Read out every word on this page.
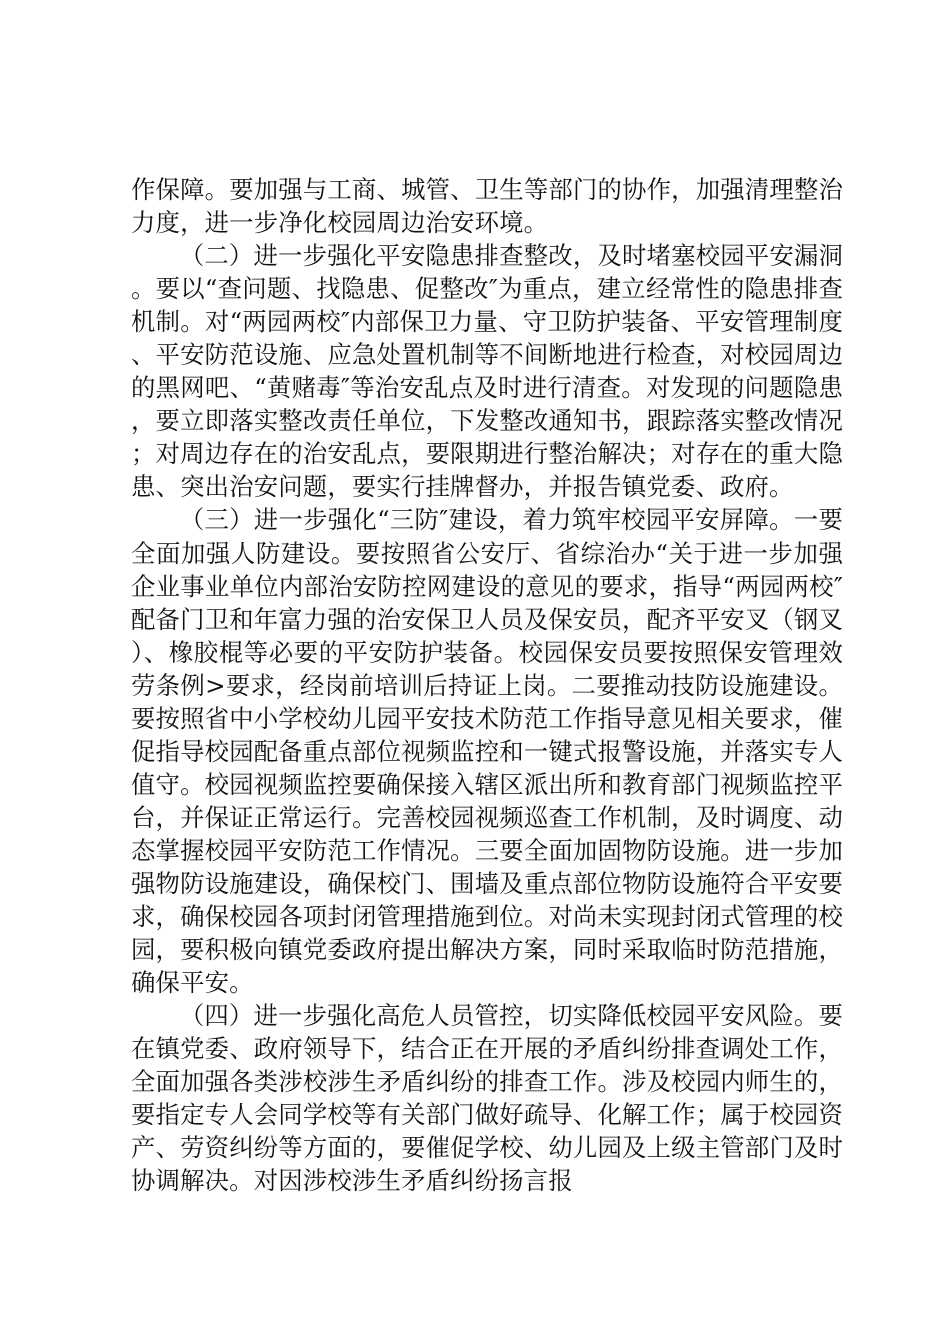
作保障。要加强与工商、城管、卫生等部门的协作，加强清理整治力度，进一步净化校园周边治安环境。

（二）进一步强化平安隐患排查整改，及时堵塞校园平安漏洞。要以“查问题、找隐患、促整改″为重点，建立经常性的隐患排查机制。对“两园两校″内部保卫力量、守卫防护装备、平安管理制度、平安防范设施、应急处置机制等不间断地进行检查，对校园周边的黑网吧、“黄赌毒″等治安乱点及时进行清查。对发现的问题隐患，要立即落实整改责任单位，下发整改通知书，跟踪落实整改情况；对周边存在的治安乱点，要限期进行整治解决；对存在的重大隐患、突出治安问题，要实行挂牌督办，并报告镇党委、政府。

（三）进一步强化“三防″建设，着力筑牢校园平安屏障。一要全面加强人防建设。要按照省公安厅、省综治办“关于进一步加强企业事业单位内部治安防控网建设的意见的要求，指导“两园两校″配备门卫和年富力强的治安保卫人员及保安员，配齐平安叉（钢叉）、橡胶棍等必要的平安防护装备。校园保安员要按照保安管理效劳条例>要求，经岗前培训后持证上岗。二要推动技防设施建设。要按照省中小学校幼儿园平安技术防范工作指导意见相关要求，催促指导校园配备重点部位视频监控和一键式报警设施，并落实专人值守。校园视频监控要确保接入辖区派出所和教育部门视频监控平台，并保证正常运行。完善校园视频巡查工作机制，及时调度、动态掌握校园平安防范工作情况。三要全面加固物防设施。进一步加强物防设施建设，确保校门、围墙及重点部位物防设施符合平安要求，确保校园各项封闭管理措施到位。对尚未实现封闭式管理的校园，要积极向镇党委政府提出解决方案，同时采取临时防范措施，确保平安。

（四）进一步强化高危人员管控，切实降低校园平安风险。要在镇党委、政府领导下，结合正在开展的矛盾纠纷排查调处工作，全面加强各类涉校涉生矛盾纠纷的排查工作。涉及校园内师生的，要指定专人会同学校等有关部门做好疏导、化解工作；属于校园资产、劳资纠纷等方面的，要催促学校、幼儿园及上级主管部门及时协调解决。对因涉校涉生矛盾纠纷扬言报
